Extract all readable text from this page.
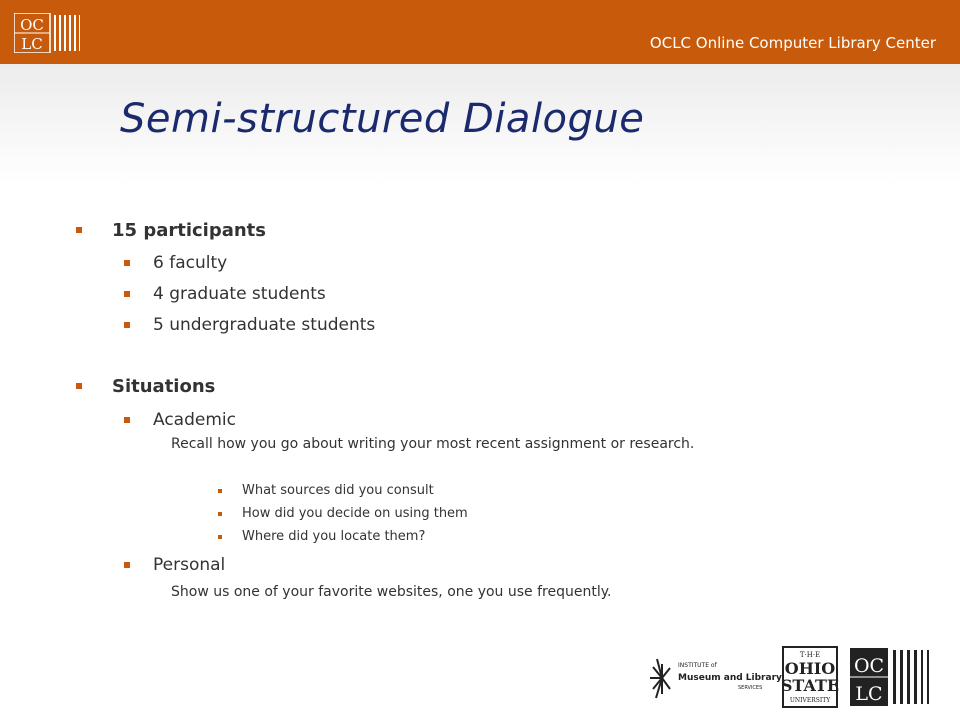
OC
LC	OCLC Online Computer Library Center
Semi-structured Dialogue
15 participants
6 faculty
4 graduate students
5 undergraduate students
Situations
Academic
Recall how you go about writing your most recent assignment or research.
What sources did you consult
How did you decide on using them
Where did you locate them?
Personal
Show us one of your favorite websites, one you use frequently.
INSTITUTE of
Museum and Library
SERVICES
T·H·E
OHIO
STATE
UNIVERSITY
OC
LC
